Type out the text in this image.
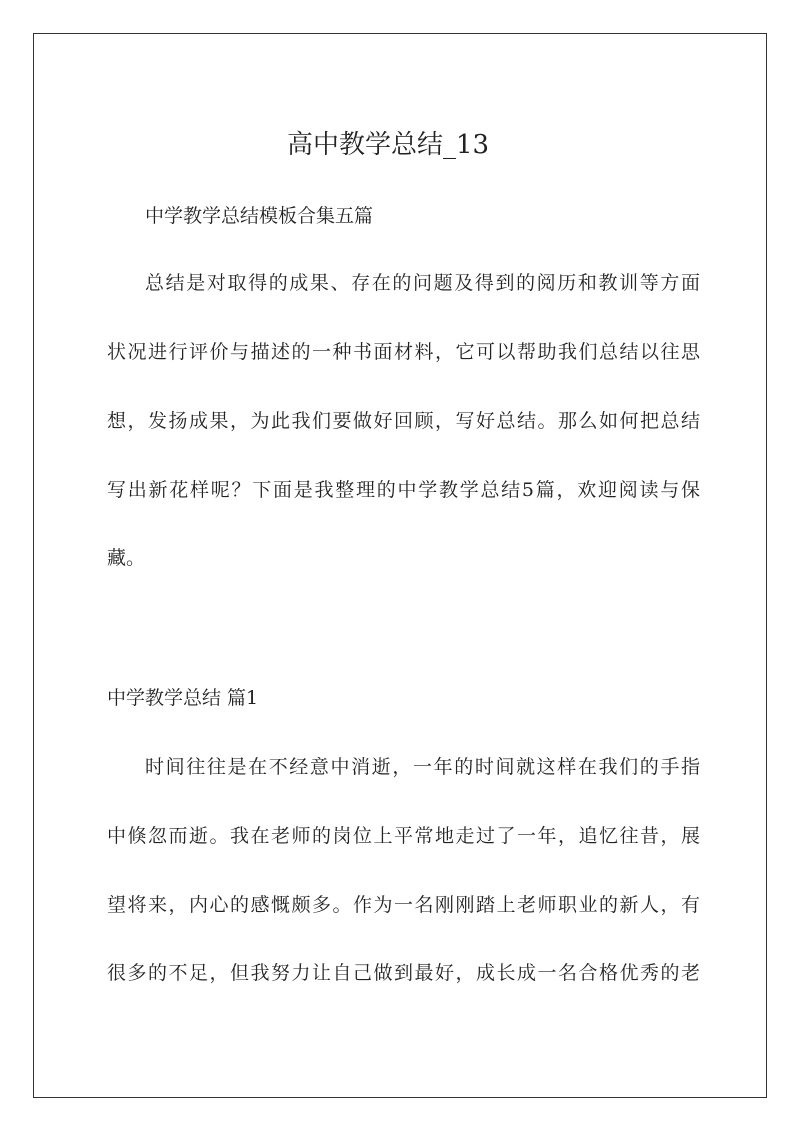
高中教学总结_13
中学教学总结模板合集五篇
总结是对取得的成果、存在的问题及得到的阅历和教训等方面
状况进行评价与描述的一种书面材料，它可以帮助我们总结以往思
想，发扬成果，为此我们要做好回顾，写好总结。那么如何把总结
写出新花样呢？下面是我整理的中学教学总结5篇，欢迎阅读与保
藏。
中学教学总结 篇1
时间往往是在不经意中消逝，一年的时间就这样在我们的手指
中倏忽而逝。我在老师的岗位上平常地走过了一年，追忆往昔，展
望将来，内心的感慨颇多。作为一名刚刚踏上老师职业的新人，有
很多的不足，但我努力让自己做到最好，成长成一名合格优秀的老
